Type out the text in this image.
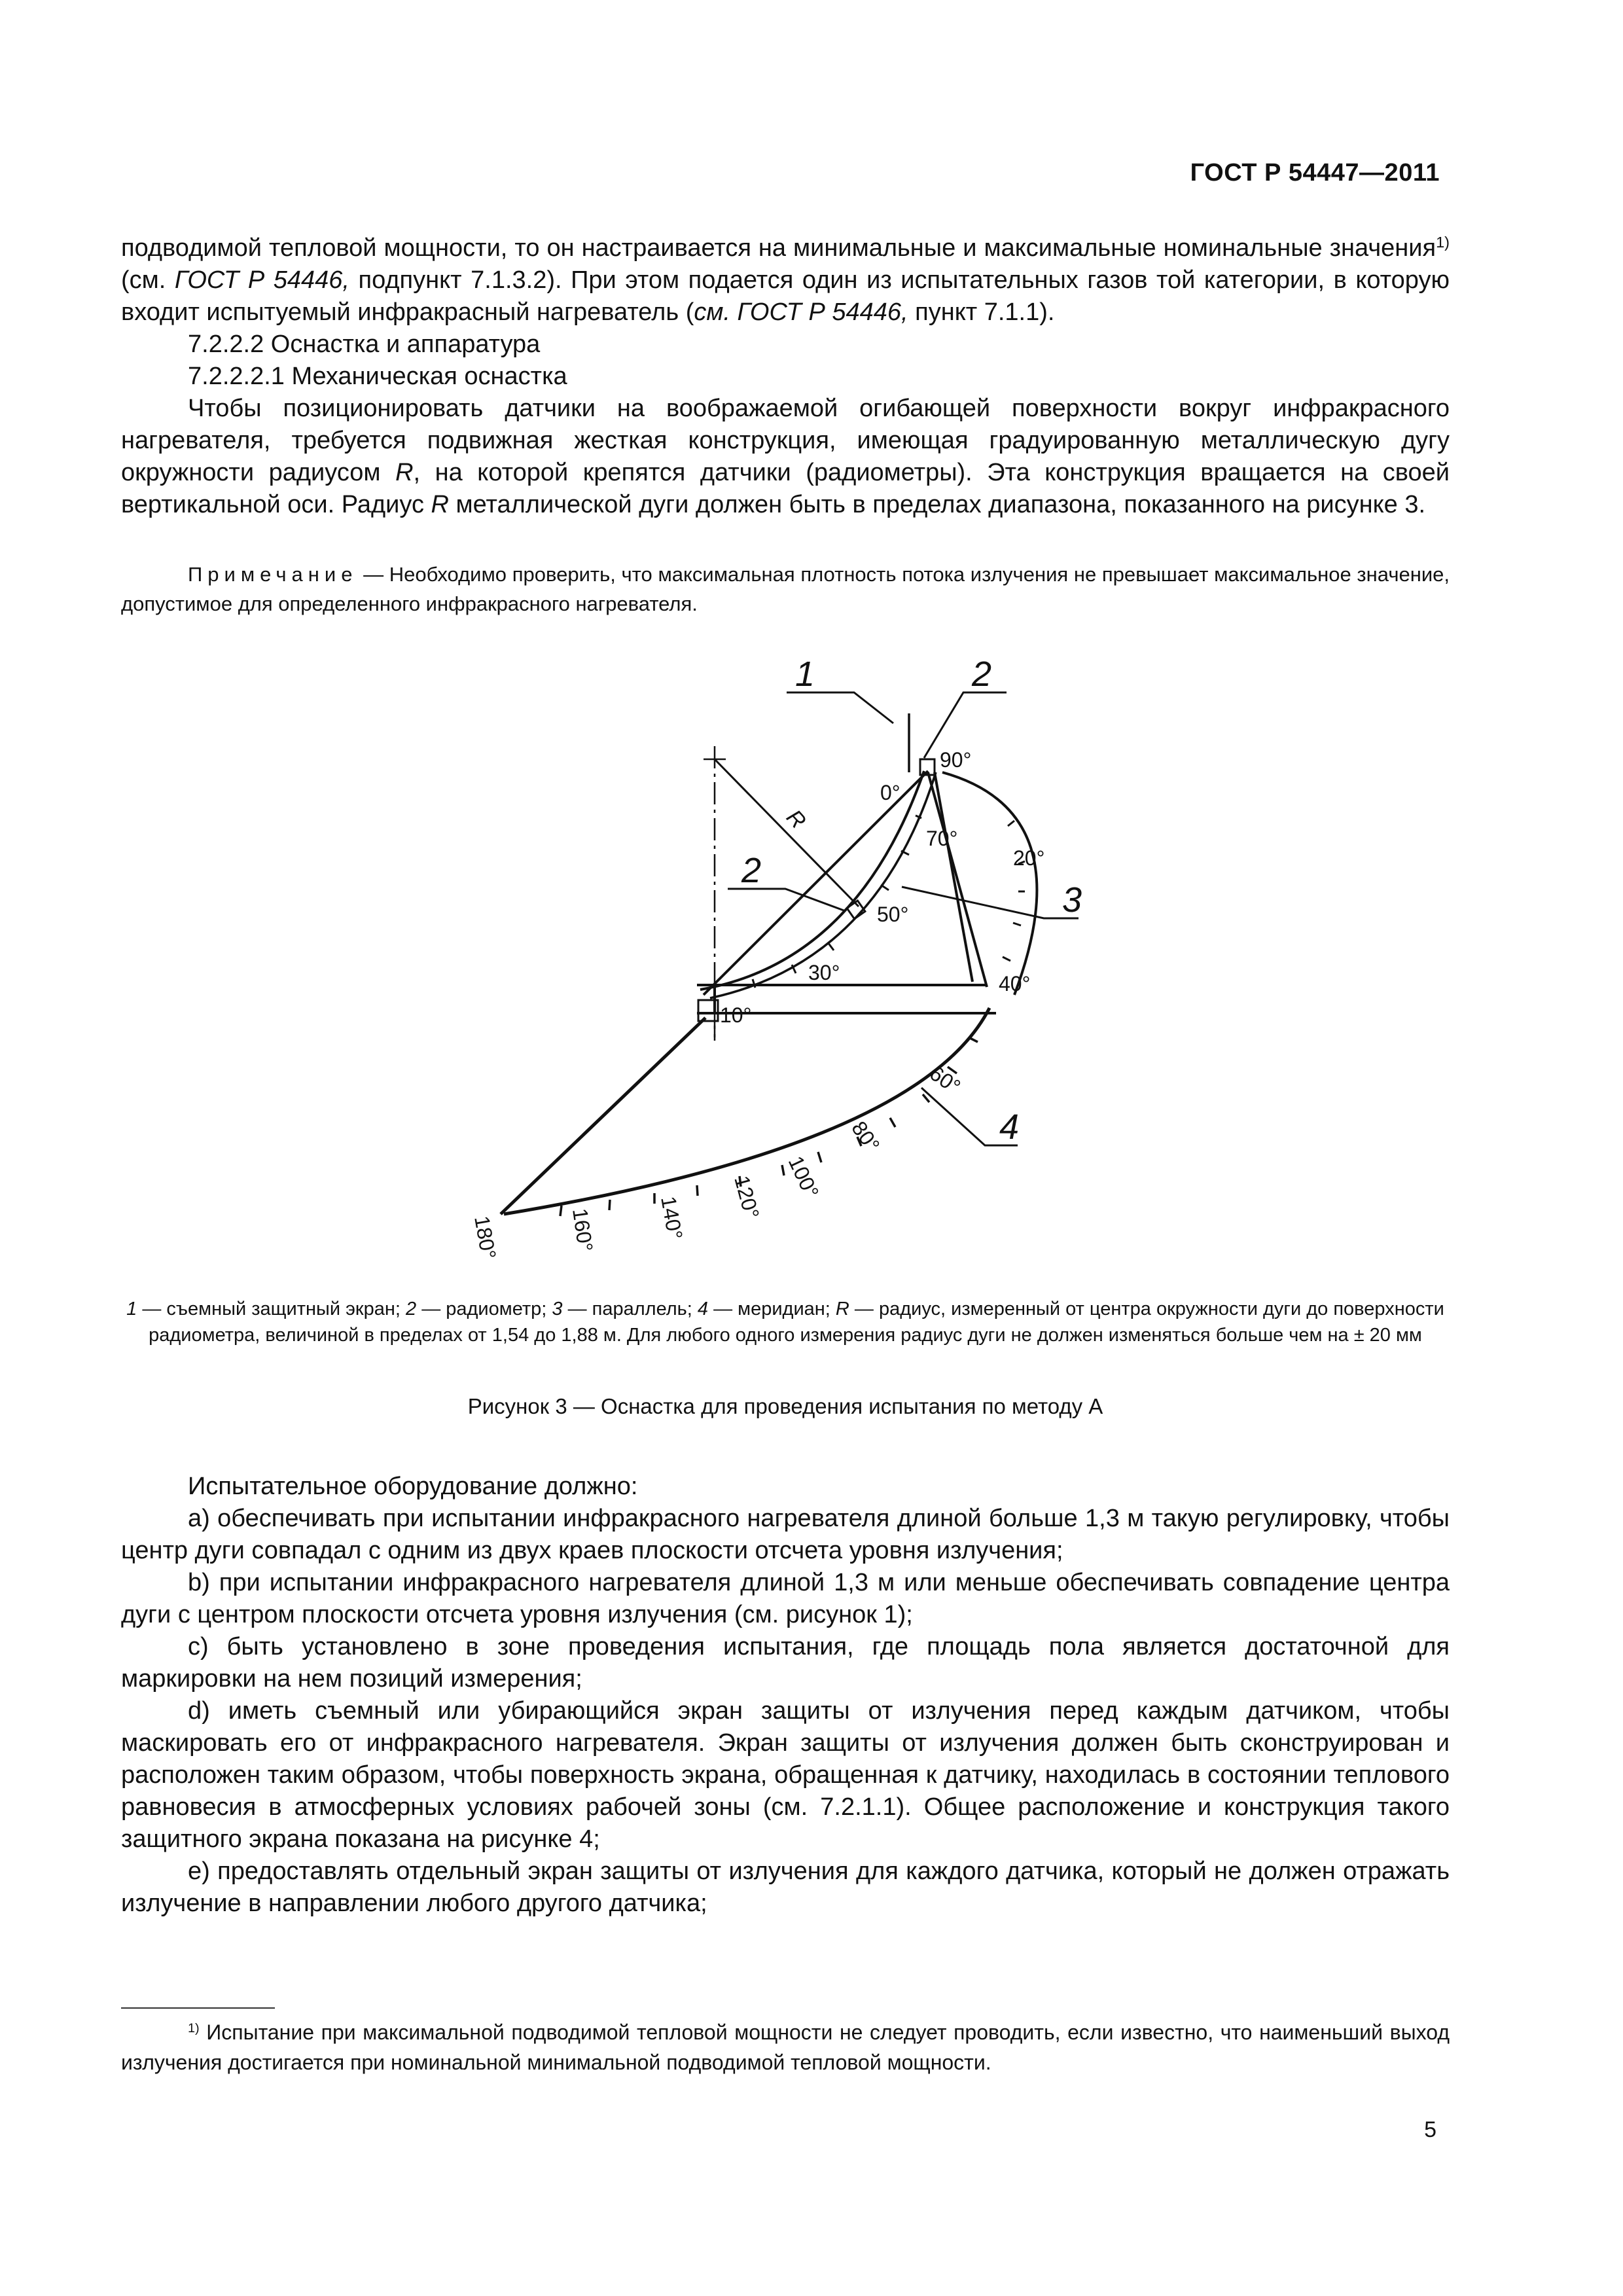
ГОСТ Р 54447—2011

подводимой тепловой мощности, то он настраивается на минимальные и максимальные номинальные значения$^{1)}$ (см. ГОСТ Р 54446, подпункт 7.1.3.2). При этом подается один из испытательных газов той категории, в которую входит испытуемый инфракрасный нагреватель (см. ГОСТ Р 54446, пункт 7.1.1).

7.2.2.2 Оснастка и аппаратура

7.2.2.2.1 Механическая оснастка

Чтобы позиционировать датчики на воображаемой огибающей поверхности вокруг инфракрасного нагревателя, требуется подвижная жесткая конструкция, имеющая градуированную металлическую дугу окружности радиусом R, на которой крепятся датчики (радиометры). Эта конструкция вращается на своей вертикальной оси. Радиус R металлической дуги должен быть в пределах диапазона, показанного на рисунке 3.

Примечание — Необходимо проверить, что максимальная плотность потока излучения не превышает максимальное значение, допустимое для определенного инфракрасного нагревателя.
1	2
2
3
4
R
0°
90°
70°
20°
50°
30°	40°
10°
60°
80°
100°
120°
140°
160°
180°
1 — съемный защитный экран; 2 — радиометр; 3 — параллель; 4 — меридиан; R — радиус, измеренный от центра окружности дуги до поверхности радиометра, величиной в пределах от 1,54 до 1,88 м. Для любого одного измерения радиус дуги не должен изменяться больше чем на ± 20 мм
Рисунок 3 — Оснастка для проведения испытания по методу А

Испытательное оборудование должно:

a) обеспечивать при испытании инфракрасного нагревателя длиной больше 1,3 м такую регулировку, чтобы центр дуги совпадал с одним из двух краев плоскости отсчета уровня излучения;

b) при испытании инфракрасного нагревателя длиной 1,3 м или меньше обеспечивать совпадение центра дуги с центром плоскости отсчета уровня излучения (см. рисунок 1);

c) быть установлено в зоне проведения испытания, где площадь пола является достаточной для маркировки на нем позиций измерения;

d) иметь съемный или убирающийся экран защиты от излучения перед каждым датчиком, чтобы маскировать его от инфракрасного нагревателя. Экран защиты от излучения должен быть сконструирован и расположен таким образом, чтобы поверхность экрана, обращенная к датчику, находилась в состоянии теплового равновесия в атмосферных условиях рабочей зоны (см. 7.2.1.1). Общее расположение и конструкция такого защитного экрана показана на рисунке 4;

e) предоставлять отдельный экран защиты от излучения для каждого датчика, который не должен отражать излучение в направлении любого другого датчика;

$^{1)}$ Испытание при максимальной подводимой тепловой мощности не следует проводить, если известно, что наименьший выход излучения достигается при номинальной минимальной подводимой тепловой мощности.
5
